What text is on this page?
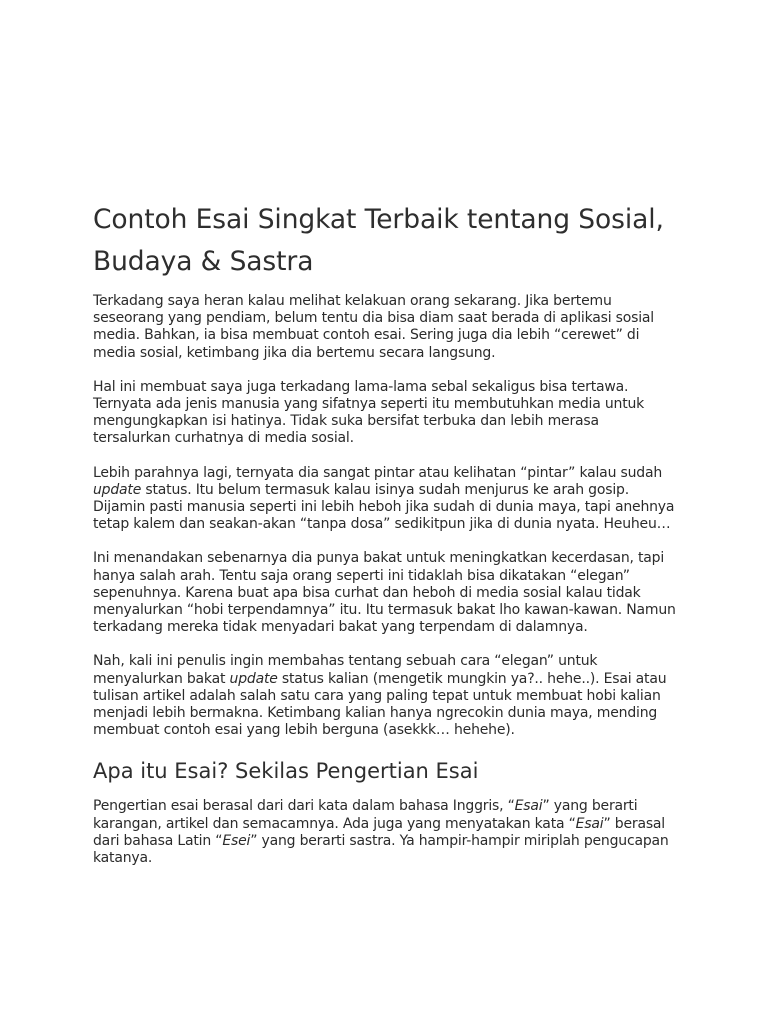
Contoh Esai Singkat Terbaik tentang Sosial, Budaya & Sastra

Terkadang saya heran kalau melihat kelakuan orang sekarang. Jika bertemu seseorang yang pendiam, belum tentu dia bisa diam saat berada di aplikasi sosial media. Bahkan, ia bisa membuat contoh esai. Sering juga dia lebih “cerewet” di media sosial, ketimbang jika dia bertemu secara langsung.

Hal ini membuat saya juga terkadang lama-lama sebal sekaligus bisa tertawa. Ternyata ada jenis manusia yang sifatnya seperti itu membutuhkan media untuk mengungkapkan isi hatinya. Tidak suka bersifat terbuka dan lebih merasa tersalurkan curhatnya di media sosial.

Lebih parahnya lagi, ternyata dia sangat pintar atau kelihatan “pintar” kalau sudah update status. Itu belum termasuk kalau isinya sudah menjurus ke arah gosip. Dijamin pasti manusia seperti ini lebih heboh jika sudah di dunia maya, tapi anehnya tetap kalem dan seakan-akan “tanpa dosa” sedikitpun jika di dunia nyata. Heuheu…

Ini menandakan sebenarnya dia punya bakat untuk meningkatkan kecerdasan, tapi hanya salah arah. Tentu saja orang seperti ini tidaklah bisa dikatakan “elegan” sepenuhnya. Karena buat apa bisa curhat dan heboh di media sosial kalau tidak menyalurkan “hobi terpendamnya” itu. Itu termasuk bakat lho kawan-kawan. Namun terkadang mereka tidak menyadari bakat yang terpendam di dalamnya.

Nah, kali ini penulis ingin membahas tentang sebuah cara “elegan” untuk menyalurkan bakat update status kalian (mengetik mungkin ya?.. hehe..). Esai atau tulisan artikel adalah salah satu cara yang paling tepat untuk membuat hobi kalian menjadi lebih bermakna. Ketimbang kalian hanya ngrecokin dunia maya, mending membuat contoh esai yang lebih berguna (asekkk… hehehe).

Apa itu Esai? Sekilas Pengertian Esai

Pengertian esai berasal dari dari kata dalam bahasa Inggris, “Esai” yang berarti karangan, artikel dan semacamnya. Ada juga yang menyatakan kata “Esai” berasal dari bahasa Latin “Esei” yang berarti sastra. Ya hampir-hampir miriplah pengucapan katanya.
